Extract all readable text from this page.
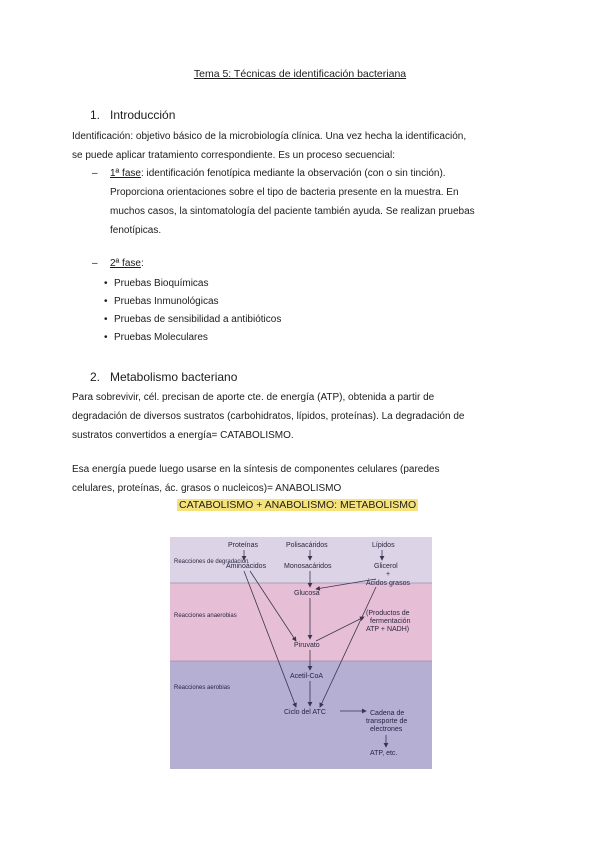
Tema 5: Técnicas de identificación bacteriana
1. Introducción
Identificación: objetivo básico de la microbiología clínica. Una vez hecha la identificación,
se puede aplicar tratamiento correspondiente. Es un proceso secuencial:
– 1ª fase: identificación fenotípica mediante la observación (con o sin tinción).
Proporciona orientaciones sobre el tipo de bacteria presente en la muestra. En
muchos casos, la sintomatología del paciente también ayuda. Se realizan pruebas
fenotípicas.
– 2ª fase:
• Pruebas Bioquímicas
• Pruebas Inmunológicas
• Pruebas de sensibilidad a antibióticos
• Pruebas Moleculares
2. Metabolismo bacteriano
Para sobrevivir, cél. precisan de aporte cte. de energía (ATP), obtenida a partir de
degradación de diversos sustratos (carbohidratos, lípidos, proteínas). La degradación de
sustratos convertidos a energía= CATABOLISMO.
Esa energía puede luego usarse en la síntesis de componentes celulares (paredes
celulares, proteínas, ác. grasos o nucleicos)= ANABOLISMO
CATABOLISMO + ANABOLISMO: METABOLISMO
Proteínas	Polisacáridos	Lípidos
Reacciones de degradación
Reacciones anaerobias
Reacciones aerobias
Aminoácidos	Monosacáridos	Glicerol
+
Ácidos grasos
Glucosa
(Productos de
fermentación
ATP + NADH)
Piruvato
Acetil-CoA
Ciclo del ATC	Cadena de
transporte de
electrones
ATP, etc.
